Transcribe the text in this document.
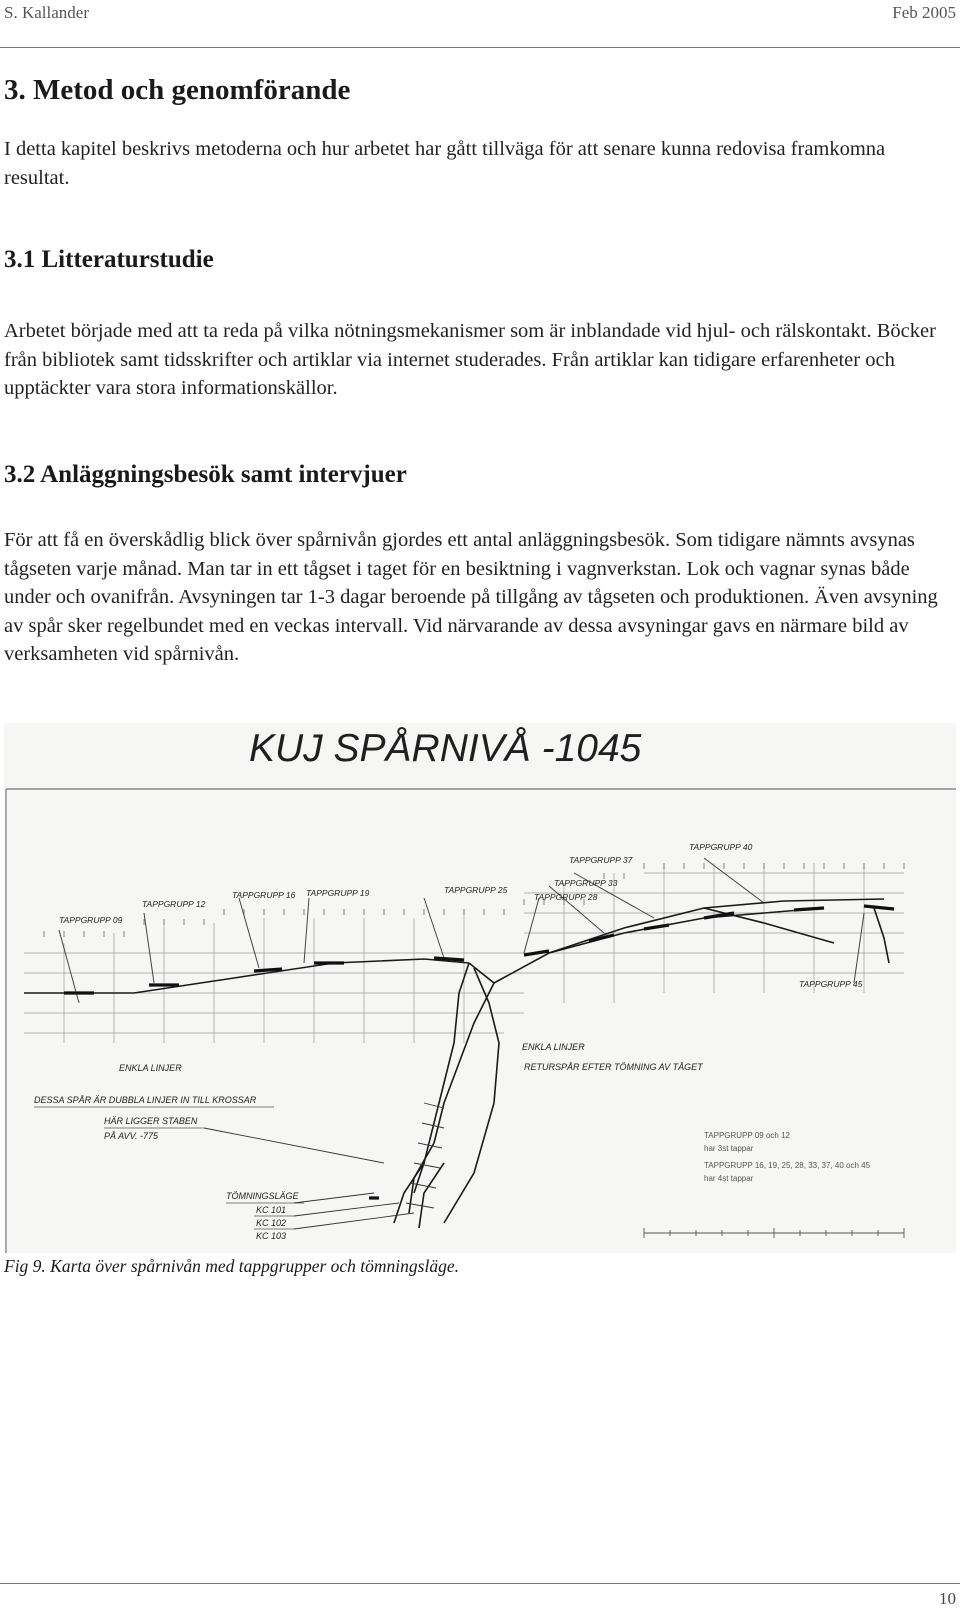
S. Kallander	Feb 2005
3. Metod och genomförande

I detta kapitel beskrivs metoderna och hur arbetet har gått tillväga för att senare kunna redovisa framkomna resultat.

3.1 Litteraturstudie

Arbetet började med att ta reda på vilka nötningsmekanismer som är inblandade vid hjul- och rälskontakt. Böcker från bibliotek samt tidsskrifter och artiklar via internet studerades. Från artiklar kan tidigare erfarenheter och upptäckter vara stora informationskällor.

3.2 Anläggningsbesök samt intervjuer

För att få en överskådlig blick över spårnivån gjordes ett antal anläggningsbesök. Som tidigare nämnts avsynas tågseten varje månad. Man tar in ett tågset i taget för en besiktning i vagnverkstan. Lok och vagnar synas både under och ovanifrån. Avsyningen tar 1-3 dagar beroende på tillgång av tågseten och produktionen. Även avsyning av spår sker regelbundet med en veckas intervall. Vid närvarande av dessa avsyningar gavs en närmare bild av verksamheten vid spårnivån.

KUJ SPÅRNIVÅ -1045
TAPPGRUPP 09
TAPPGRUPP 12
TAPPGRUPP 16 TAPPGRUPP 19	TAPPGRUPP 25
TAPPGRUPP 28
TAPPGRUPP 33
TAPPGRUPP 37
TAPPGRUPP 40
TAPPGRUPP 45
ENKLA LINJER
RETURSPÅR EFTER TÖMNING AV TÅGET
ENKLA LINJER
DESSA SPÅR ÄR DUBBLA LINJER IN TILL KROSSAR
HÄR LIGGER STABEN
PÅ AVV. -775
TÖMNINGSLÄGE
KC 101
KC 102
KC 103
TAPPGRUPP 09 och 12
har 3st tappar
TAPPGRUPP 16, 19, 25, 28, 33, 37, 40 och 45
har 4st tappar
Fig 9. Karta över spårnivån med tappgrupper och tömningsläge.
10
